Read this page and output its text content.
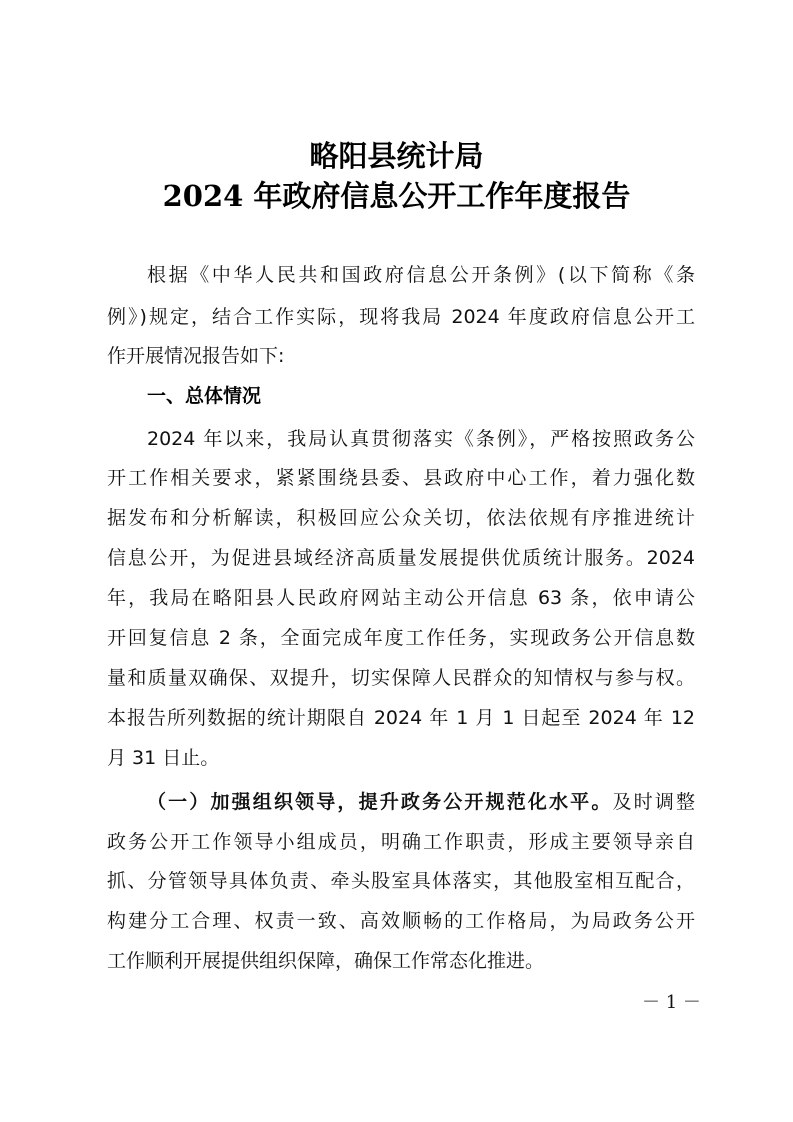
略阳县统计局
2024 年政府信息公开工作年度报告
根据《中华人民共和国政府信息公开条例》(以下简称《条
例》)规定，结合工作实际，现将我局 2024 年度政府信息公开工
作开展情况报告如下:
一、总体情况
2024 年以来，我局认真贯彻落实《条例》，严格按照政务公
开工作相关要求，紧紧围绕县委、县政府中心工作，着力强化数
据发布和分析解读，积极回应公众关切，依法依规有序推进统计
信息公开，为促进县域经济高质量发展提供优质统计服务。2024
年，我局在略阳县人民政府网站主动公开信息 63 条，依申请公
开回复信息 2 条，全面完成年度工作任务，实现政务公开信息数
量和质量双确保、双提升，切实保障人民群众的知情权与参与权。
本报告所列数据的统计期限自 2024 年 1 月 1 日起至 2024 年 12
月 31 日止。
（一）加强组织领导，提升政务公开规范化水平。及时调整
政务公开工作领导小组成员，明确工作职责，形成主要领导亲自
抓、分管领导具体负责、牵头股室具体落实，其他股室相互配合，
构建分工合理、权责一致、高效顺畅的工作格局，为局政务公开
工作顺利开展提供组织保障，确保工作常态化推进。
－ 1 －
